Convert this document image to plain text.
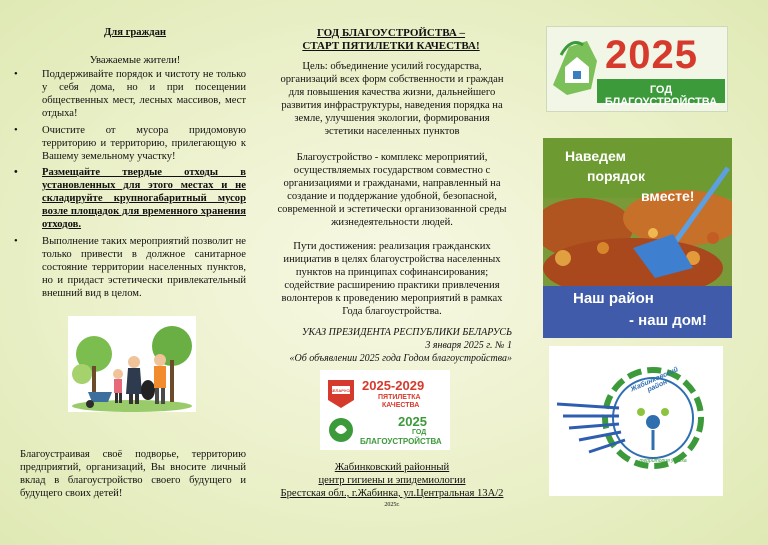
Для граждан
Уважаемые жители!
•	Поддерживайте порядок и чистоту не только у себя дома, но и при посещении общественных мест, лесных массивов, мест отдыха!
•	Очистите от мусора придомовую территорию и территорию, прилегающую к Вашему земельному участку!
•	Размещайте твердые отходы в установленных для этого местах и не складируйте крупногабаритный мусор возле площадок для временного хранения отходов.
•	Выполнение таких мероприятий позволит не только привести в должное санитарное состояние территории населенных пунктов, но и придаст эстетически привлекательный внешний вид в целом.
Благоустраивая своё подворье, территорию предприятий, организаций, Вы вносите личный вклад в благоустройство своего будущего и будущего своих детей!
ГОД БЛАГОУСТРОЙСТВА –
СТАРТ ПЯТИЛЕТКИ КАЧЕСТВА!
Цель: объединение усилий государства, организаций всех форм собственности и граждан для повышения качества жизни, дальнейшего развития инфраструктуры, наведения порядка на земле, улучшения экологии, формирования эстетики населенных пунктов
Благоустройство - комплекс мероприятий, осуществляемых государством совместно с организациями и гражданами, направленный на создание и поддержание удобной, безопасной, современной и эстетически организованной среды жизнедеятельности людей.
Пути достижения: реализация гражданских инициатив в целях благоустройства населенных пунктов на принципах софинансирования; содействие расширению практики привлечения волонтеров к проведению мероприятий в рамках Года благоустройства.
УКАЗ ПРЕЗИДЕНТА РЕСПУБЛИКИ БЕЛАРУСЬ
3 января 2025 г. № 1
«Об объявлении 2025 года Годом благоустройства»
БЕЛАРУСЬ 2025-2029
ПЯТИЛЕТКА
КАЧЕСТВА
2025
ГОД
БЛАГОУСТРОЙСТВА
Жабинковский районный
центр гигиены и эпидемиологии
Брестская обл., г.Жабинка, ул.Центральная 13А/2
2025г.
2025
ГОД БЛАГОУСТРОЙСТВА
Наведем
порядок
вместе!
Наш район
- наш дом!
Жабинковский район
территория успеха
